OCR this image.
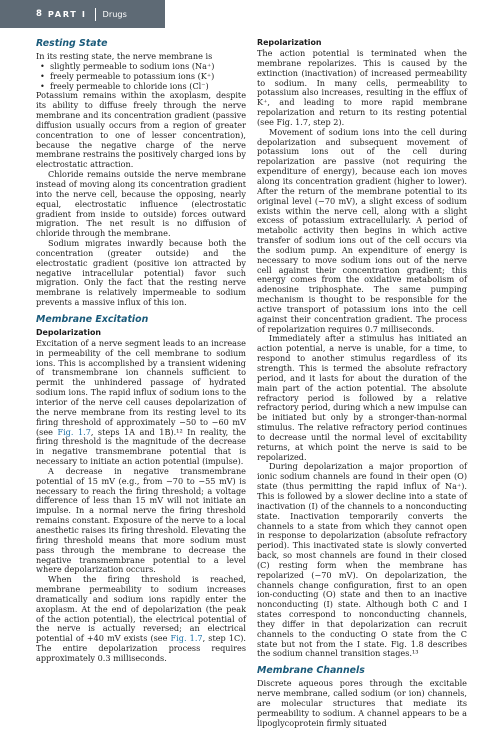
8 PART I Drugs
Resting State

In its resting state, the nerve membrane is

• slightly permeable to sodium ions (Na⁺)
• freely permeable to potassium ions (K⁺)
• freely permeable to chloride ions (Cl⁻)

Potassium remains within the axoplasm, despite its ability to diffuse freely through the nerve membrane and its concentration gradient (passive diffusion usually occurs from a region of greater concentration to one of lesser concentration), because the negative charge of the nerve membrane restrains the positively charged ions by electrostatic attraction.

Chloride remains outside the nerve membrane instead of moving along its concentration gradient into the nerve cell, because the opposing, nearly equal, electrostatic influence (electrostatic gradient from inside to outside) forces outward migration. The net result is no diffusion of chloride through the membrane.

Sodium migrates inwardly because both the concentration (greater outside) and the electrostatic gradient (positive ion attracted by negative intracellular potential) favor such migration. Only the fact that the resting nerve membrane is relatively impermeable to sodium prevents a massive influx of this ion.

Membrane Excitation
Depolarization

Excitation of a nerve segment leads to an increase in permeability of the cell membrane to sodium ions. This is accomplished by a transient widening of transmembrane ion channels sufficient to permit the unhindered passage of hydrated sodium ions. The rapid influx of sodium ions to the interior of the nerve cell causes depolarization of the nerve membrane from its resting level to its firing threshold of approximately −50 to −60 mV (see Fig. 1.7, steps 1A and 1B).¹² In reality, the firing threshold is the magnitude of the decrease in negative transmembrane potential that is necessary to initiate an action potential (impulse).

A decrease in negative transmembrane potential of 15 mV (e.g., from −70 to −55 mV) is necessary to reach the firing threshold; a voltage difference of less than 15 mV will not initiate an impulse. In a normal nerve the firing threshold remains constant. Exposure of the nerve to a local anesthetic raises its firing threshold. Elevating the firing threshold means that more sodium must pass through the membrane to decrease the negative transmembrane potential to a level where depolarization occurs.

When the firing threshold is reached, membrane permeability to sodium increases dramatically and sodium ions rapidly enter the axoplasm. At the end of depolarization (the peak of the action potential), the electrical potential of the nerve is actually reversed; an electrical potential of +40 mV exists (see Fig. 1.7, step 1C). The entire depolarization process requires approximately 0.3 milliseconds.

Repolarization

The action potential is terminated when the membrane repolarizes. This is caused by the extinction (inactivation) of increased permeability to sodium. In many cells, permeability to potassium also increases, resulting in the efflux of K⁺, and leading to more rapid membrane repolarization and return to its resting potential (see Fig. 1.7, step 2).

Movement of sodium ions into the cell during depolarization and subsequent movement of potassium ions out of the cell during repolarization are passive (not requiring the expenditure of energy), because each ion moves along its concentration gradient (higher to lower). After the return of the membrane potential to its original level (−70 mV), a slight excess of sodium exists within the nerve cell, along with a slight excess of potassium extracellularly. A period of metabolic activity then begins in which active transfer of sodium ions out of the cell occurs via the sodium pump. An expenditure of energy is necessary to move sodium ions out of the nerve cell against their concentration gradient; this energy comes from the oxidative metabolism of adenosine triphosphate. The same pumping mechanism is thought to be responsible for the active transport of potassium ions into the cell against their concentration gradient. The process of repolarization requires 0.7 milliseconds.

Immediately after a stimulus has initiated an action potential, a nerve is unable, for a time, to respond to another stimulus regardless of its strength. This is termed the absolute refractory period, and it lasts for about the duration of the main part of the action potential. The absolute refractory period is followed by a relative refractory period, during which a new impulse can be initiated but only by a stronger-than-normal stimulus. The relative refractory period continues to decrease until the normal level of excitability returns, at which point the nerve is said to be repolarized.

During depolarization a major proportion of ionic sodium channels are found in their open (O) state (thus permitting the rapid influx of Na⁺). This is followed by a slower decline into a state of inactivation (I) of the channels to a nonconducting state. Inactivation temporarily converts the channels to a state from which they cannot open in response to depolarization (absolute refractory period). This inactivated state is slowly converted back, so most channels are found in their closed (C) resting form when the membrane has repolarized (−70 mV). On depolarization, the channels change configuration, first to an open ion-conducting (O) state and then to an inactive nonconducting (I) state. Although both C and I states correspond to nonconducting channels, they differ in that depolarization can recruit channels to the conducting O state from the C state but not from the I state. Fig. 1.8 describes the sodium channel transition stages.¹³

Membrane Channels

Discrete aqueous pores through the excitable nerve membrane, called sodium (or ion) channels, are molecular structures that mediate its permeability to sodium. A channel appears to be a lipoglycoprotein firmly situated
